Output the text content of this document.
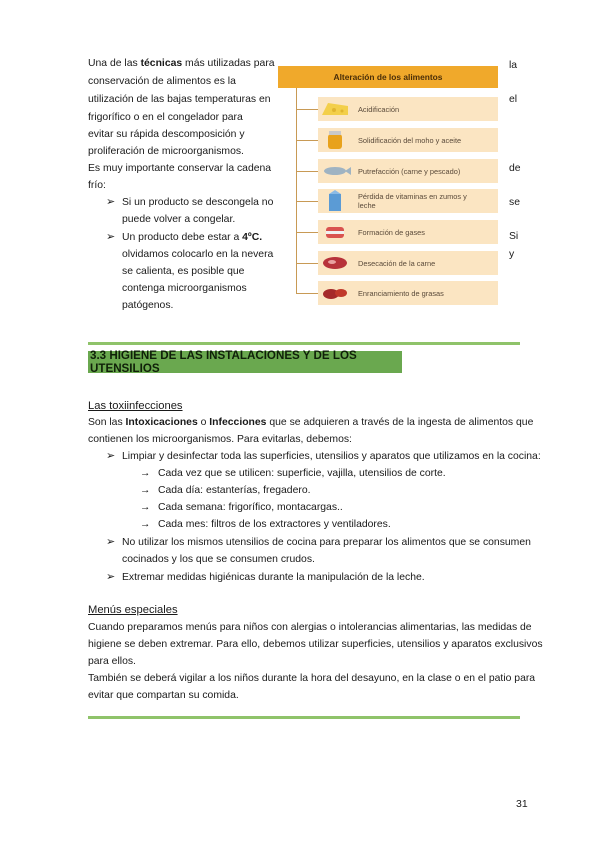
Una de las técnicas más utilizadas para
conservación de alimentos es la
utilización de las bajas temperaturas en
frigorífico o en el congelador para
evitar su rápida descomposición y
proliferación de microorganismos.
Es muy importante conservar la cadena
frío:
➢ Si un producto se descongela no
puede volver a congelar.
➢ Un producto debe estar a 4ºC.
olvidamos colocarlo en la nevera
se calienta, es posible que
contenga microorganismos
patógenos.
la
el
de
se
Si
y
Alteración de los alimentos
Acidificación
Solidificación del moho y aceite
Putrefacción (carne y pescado)
Pérdida de vitaminas en zumos y leche
Formación de gases
Desecación de la carne
Enranciamiento de grasas
3.3 HIGIENE DE LAS INSTALACIONES Y DE LOS UTENSILIOS
Las toxiinfecciones
Son las Intoxicaciones o Infecciones que se adquieren a través de la ingesta de alimentos que
contienen los microorganismos. Para evitarlas, debemos:
➢ Limpiar y desinfectar toda las superficies, utensilios y aparatos que utilizamos en la cocina:
→ Cada vez que se utilicen: superficie, vajilla, utensilios de corte.
→ Cada día: estanterías, fregadero.
→ Cada semana: frigorífico, montacargas..
→ Cada mes: filtros de los extractores y ventiladores.
➢ No utilizar los mismos utensilios de cocina para preparar los alimentos que se consumen
cocinados y los que se consumen crudos.
➢ Extremar medidas higiénicas durante la manipulación de la leche.
Menús especiales
Cuando preparamos menús para niños con alergias o intolerancias alimentarias, las medidas de
higiene se deben extremar. Para ello, debemos utilizar superficies, utensilios y aparatos exclusivos
para ellos.
También se deberá vigilar a los niños durante la hora del desayuno, en la clase o en el patio para
evitar que compartan su comida.
31
